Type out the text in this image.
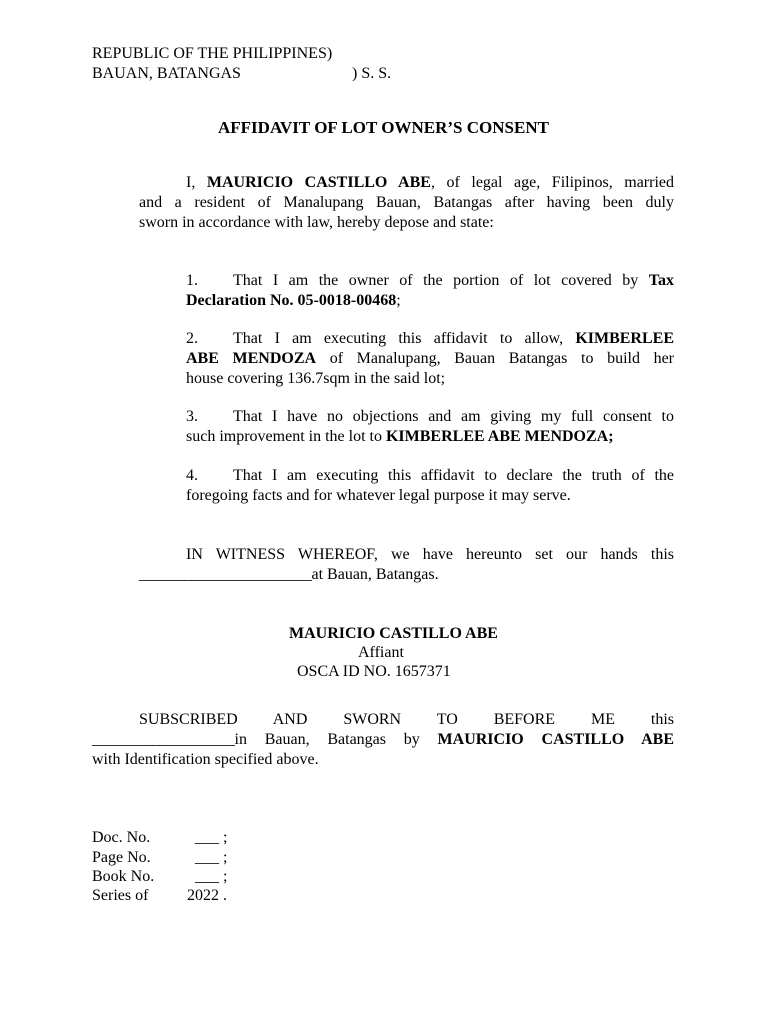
REPUBLIC OF THE PHILIPPINES)
BAUAN, BATANGAS	) S. S.
AFFIDAVIT OF LOT OWNER’S CONSENT
I, MAURICIO CASTILLO ABE, of legal age, Filipinos, married
and a resident of Manalupang Bauan, Batangas after having been duly
sworn in accordance with law, hereby depose and state:
1. That I am the owner of the portion of lot covered by Tax
Declaration No. 05-0018-00468;
2. That I am executing this affidavit to allow, KIMBERLEE
ABE MENDOZA of Manalupang, Bauan Batangas to build her
house covering 136.7sqm in the said lot;
3. That I have no objections and am giving my full consent to
such improvement in the lot to KIMBERLEE ABE MENDOZA;
4. That I am executing this affidavit to declare the truth of the
foregoing facts and for whatever legal purpose it may serve.
IN WITNESS WHEREOF, we have hereunto set our hands this
_______________________at Bauan, Batangas.
MAURICIO CASTILLO ABE
Affiant
OSCA ID NO. 1657371
SUBSCRIBED AND SWORN TO BEFORE ME this
___________________in Bauan, Batangas by MAURICIO CASTILLO ABE
with Identification specified above.
Doc. No.	___ ;
Page No.	___ ;
Book No.	___ ;
Series of 2022 .
